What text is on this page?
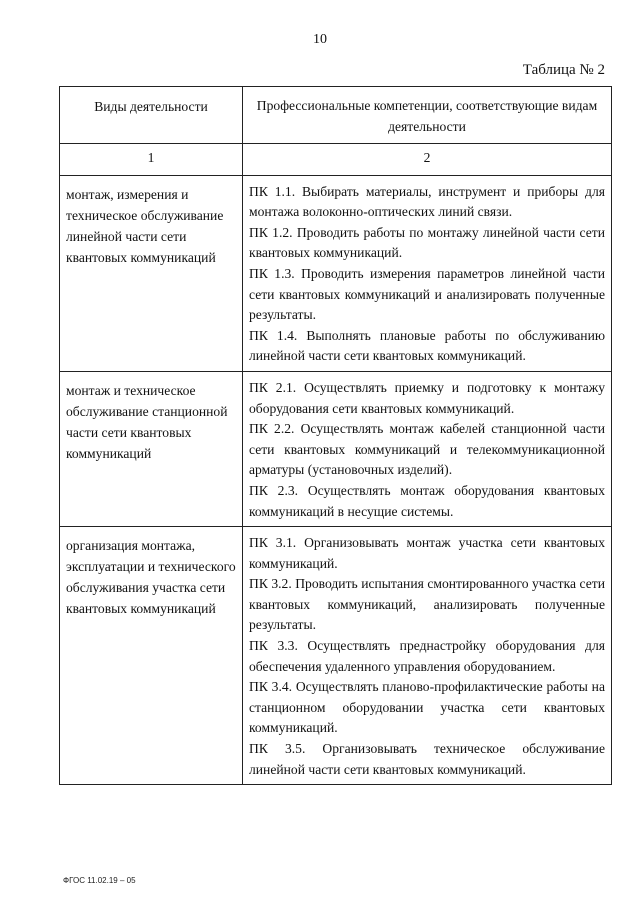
10
Таблица № 2
Виды деятельности	Профессиональные компетенции, соответствующие видам деятельности
1	2
монтаж, измерения и техническое обслуживание линейной части сети квантовых коммуникаций	ПК 1.1. Выбирать материалы, инструмент и приборы для монтажа волоконно-оптических линий связи.

ПК 1.2. Проводить работы по монтажу линейной части сети квантовых коммуникаций.

ПК 1.3. Проводить измерения параметров линейной части сети квантовых коммуникаций и анализировать полученные результаты.

ПК 1.4. Выполнять плановые работы по обслуживанию линейной части сети квантовых коммуникаций.

монтаж и техническое обслуживание станционной части сети квантовых коммуникаций	ПК 2.1. Осуществлять приемку и подготовку к монтажу оборудования сети квантовых коммуникаций.

ПК 2.2. Осуществлять монтаж кабелей станционной части сети квантовых коммуникаций и телекоммуникационной арматуры (установочных изделий).

ПК 2.3. Осуществлять монтаж оборудования квантовых коммуникаций в несущие системы.

организация монтажа, эксплуатации и технического обслуживания участка сети квантовых коммуникаций	ПК 3.1. Организовывать монтаж участка сети квантовых коммуникаций.

ПК 3.2. Проводить испытания смонтированного участка сети квантовых коммуникаций, анализировать полученные результаты.

ПК 3.3. Осуществлять преднастройку оборудования для обеспечения удаленного управления оборудованием.

ПК 3.4. Осуществлять планово-профилактические работы на станционном оборудовании участка сети квантовых коммуникаций.

ПК 3.5. Организовывать техническое обслуживание линейной части сети квантовых коммуникаций.

ФГОС 11.02.19 – 05
